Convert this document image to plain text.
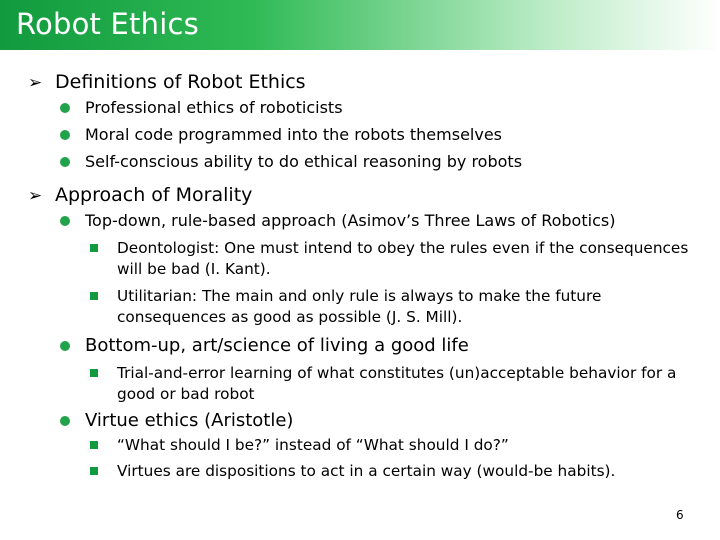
Robot Ethics
➢ Definitions of Robot Ethics
Professional ethics of roboticists
Moral code programmed into the robots themselves
Self-conscious ability to do ethical reasoning by robots
➢ Approach of Morality
Top-down, rule-based approach (Asimov’s Three Laws of Robotics)
Deontologist: One must intend to obey the rules even if the consequences will be bad (I. Kant).
Utilitarian: The main and only rule is always to make the future consequences as good as possible (J. S. Mill).
Bottom-up, art/science of living a good life
Trial-and-error learning of what constitutes (un)acceptable behavior for a good or bad robot
Virtue ethics (Aristotle)
“What should I be?” instead of “What should I do?”
Virtues are dispositions to act in a certain way (would-be habits).
6
